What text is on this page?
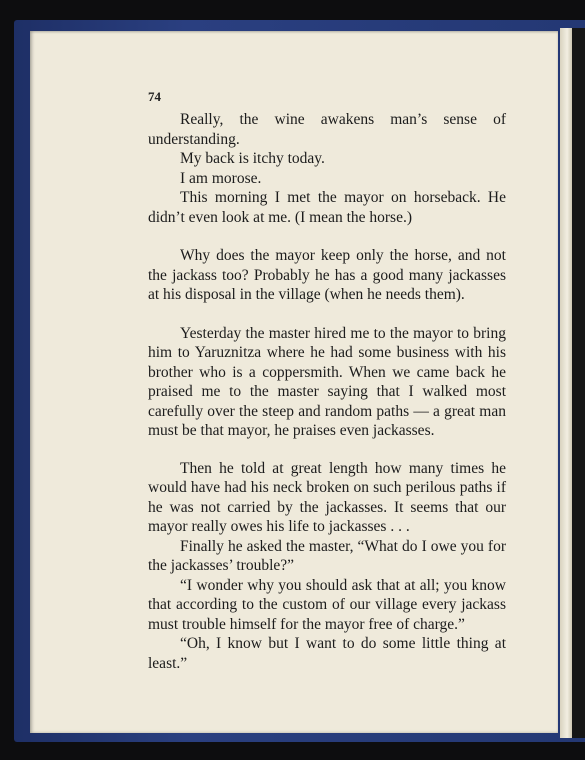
74

Really, the wine awakens man’s sense of understanding.

My back is itchy today.

I am morose.

This morning I met the mayor on horseback. He didn’t even look at me. (I mean the horse.)

Why does the mayor keep only the horse, and not the jackass too? Probably he has a good many jackasses at his disposal in the village (when he needs them).

Yesterday the master hired me to the mayor to bring him to Yaruznitza where he had some business with his brother who is a coppersmith. When we came back he praised me to the master saying that I walked most carefully over the steep and random paths — a great man must be that mayor, he praises even jackasses.

Then he told at great length how many times he would have had his neck broken on such perilous paths if he was not carried by the jackasses. It seems that our mayor really owes his life to jackasses . . .

Finally he asked the master, “What do I owe you for the jackasses’ trouble?”

“I wonder why you should ask that at all; you know that according to the custom of our village every jackass must trouble himself for the mayor free of charge.”

“Oh, I know but I want to do some little thing at least.”
